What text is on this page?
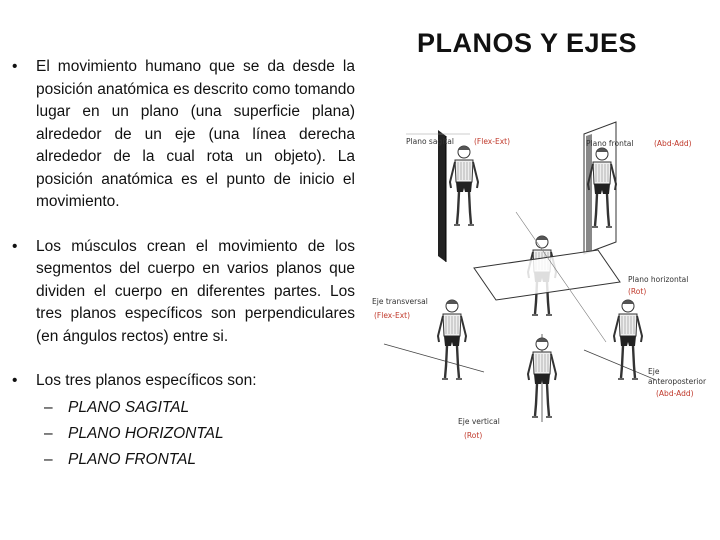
PLANOS Y EJES
• El movimiento humano que se da desde la posición anatómica es descrito como tomando lugar en un plano (una superficie plana) alrededor de un eje (una línea derecha alrededor de la cual rota un objeto). La posición anatómica es el punto de inicio el movimiento.
• Los músculos crean el movimiento de los segmentos del cuerpo en varios planos que dividen el cuerpo en diferentes partes. Los tres planos específicos son perpendiculares (en ángulos rectos) entre si.
• Los tres planos específicos son:
– PLANO SAGITAL
– PLANO HORIZONTAL
– PLANO FRONTAL
Plano sagital	(Flex-Ext)	Plano frontal	(Abd-Add)
Plano horizontal
(Rot)
Eje transversal
(Flex-Ext)
Eje
anteroposterior
(Abd-Add)
Eje vertical
(Rot)
